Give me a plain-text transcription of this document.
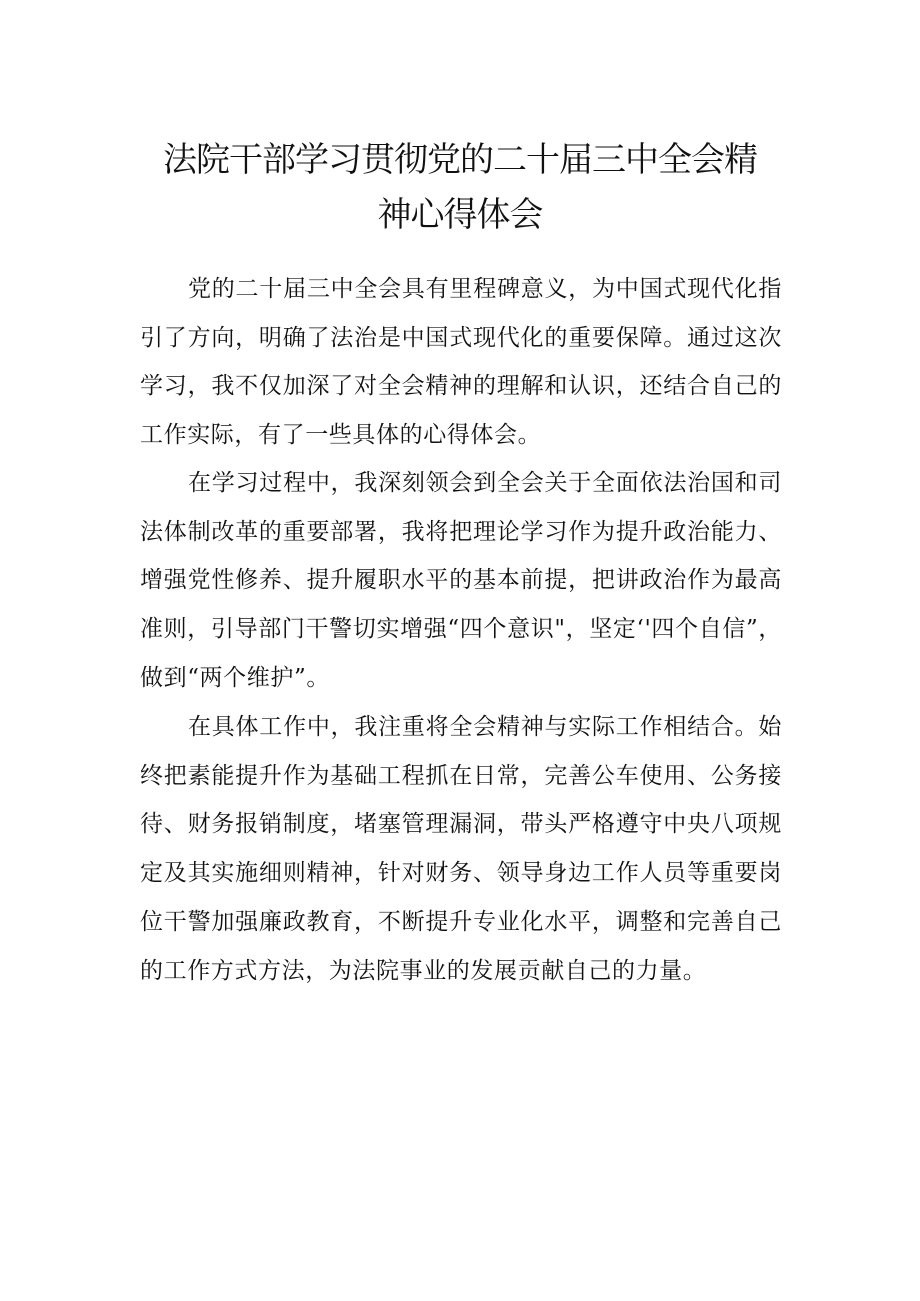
法院干部学习贯彻党的二十届三中全会精
神心得体会

党的二十届三中全会具有里程碑意义，为中国式现代化指引了方向，明确了法治是中国式现代化的重要保障。通过这次学习，我不仅加深了对全会精神的理解和认识，还结合自己的工作实际，有了一些具体的心得体会。

在学习过程中，我深刻领会到全会关于全面依法治国和司法体制改革的重要部署，我将把理论学习作为提升政治能力、增强党性修养、提升履职水平的基本前提，把讲政治作为最高准则，引导部门干警切实增强“四个意识"，坚定‘'四个自信”，做到“两个维护”。

在具体工作中，我注重将全会精神与实际工作相结合。始终把素能提升作为基础工程抓在日常，完善公车使用、公务接待、财务报销制度，堵塞管理漏洞，带头严格遵守中央八项规定及其实施细则精神，针对财务、领导身边工作人员等重要岗位干警加强廉政教育，不断提升专业化水平，调整和完善自己的工作方式方法，为法院事业的发展贡献自己的力量。
